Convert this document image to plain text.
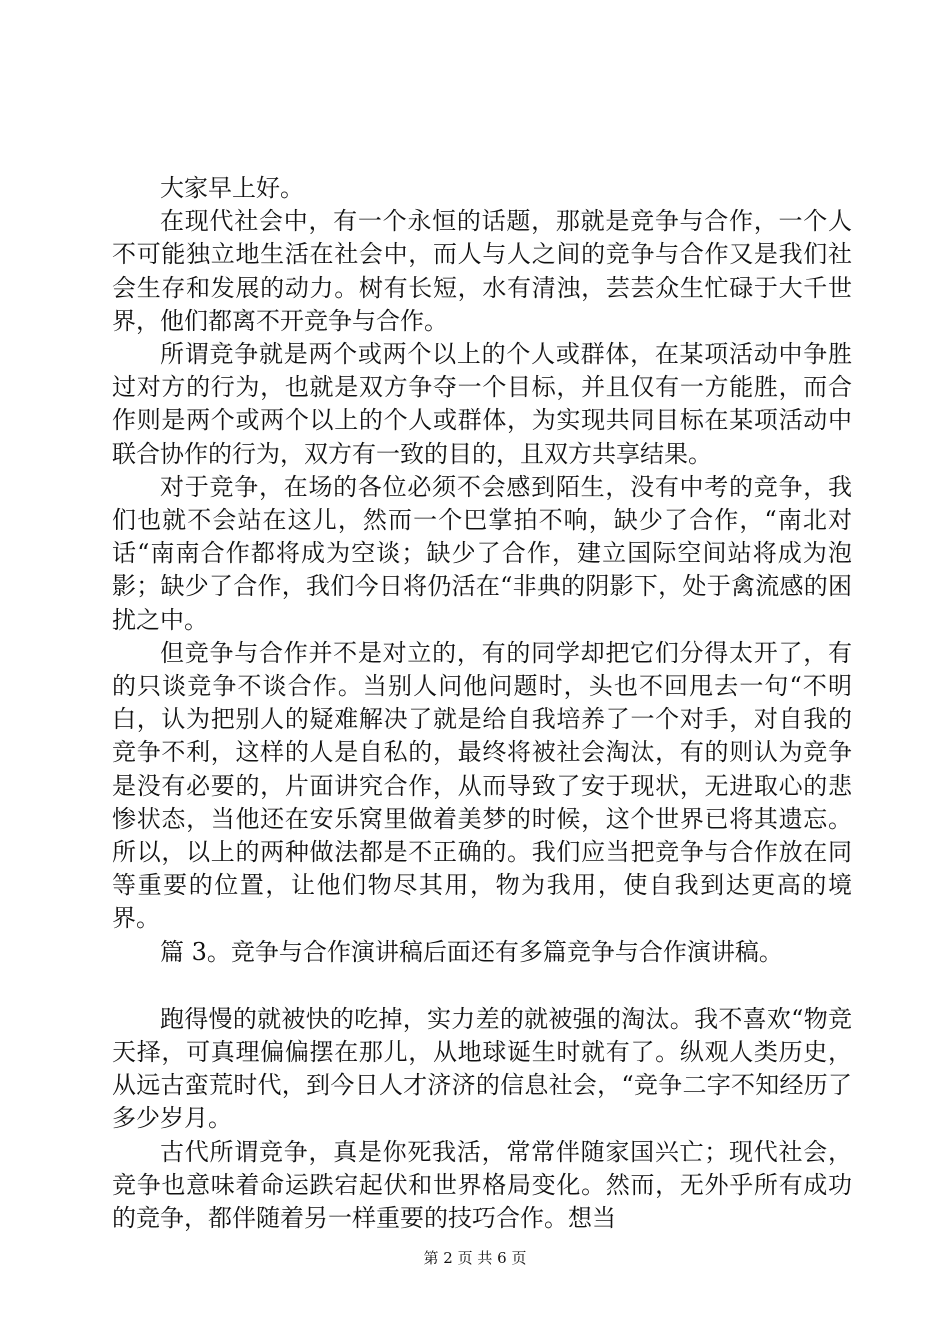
大家早上好。

在现代社会中，有一个永恒的话题，那就是竞争与合作，一个人不可能独立地生活在社会中，而人与人之间的竞争与合作又是我们社会生存和发展的动力。树有长短，水有清浊，芸芸众生忙碌于大千世界，他们都离不开竞争与合作。

所谓竞争就是两个或两个以上的个人或群体，在某项活动中争胜过对方的行为，也就是双方争夺一个目标，并且仅有一方能胜，而合作则是两个或两个以上的个人或群体，为实现共同目标在某项活动中联合协作的行为，双方有一致的目的，且双方共享结果。

对于竞争，在场的各位必须不会感到陌生，没有中考的竞争，我们也就不会站在这儿，然而一个巴掌拍不响，缺少了合作，“南北对话“南南合作都将成为空谈；缺少了合作，建立国际空间站将成为泡影；缺少了合作，我们今日将仍活在“非典的阴影下，处于禽流感的困扰之中。

但竞争与合作并不是对立的，有的同学却把它们分得太开了，有的只谈竞争不谈合作。当别人问他问题时，头也不回甩去一句“不明白，认为把别人的疑难解决了就是给自我培养了一个对手，对自我的竞争不利，这样的人是自私的，最终将被社会淘汰，有的则认为竞争是没有必要的，片面讲究合作，从而导致了安于现状，无进取心的悲惨状态，当他还在安乐窝里做着美梦的时候，这个世界已将其遗忘。所以，以上的两种做法都是不正确的。我们应当把竞争与合作放在同等重要的位置，让他们物尽其用，物为我用，使自我到达更高的境界。

篇 3。竞争与合作演讲稿后面还有多篇竞争与合作演讲稿。

跑得慢的就被快的吃掉，实力差的就被强的淘汰。我不喜欢“物竞天择，可真理偏偏摆在那儿，从地球诞生时就有了。纵观人类历史，从远古蛮荒时代，到今日人才济济的信息社会，“竞争二字不知经历了多少岁月。

古代所谓竞争，真是你死我活，常常伴随家国兴亡；现代社会，竞争也意味着命运跌宕起伏和世界格局变化。然而，无外乎所有成功的竞争，都伴随着另一样重要的技巧合作。想当

第 2 页 共 6 页
